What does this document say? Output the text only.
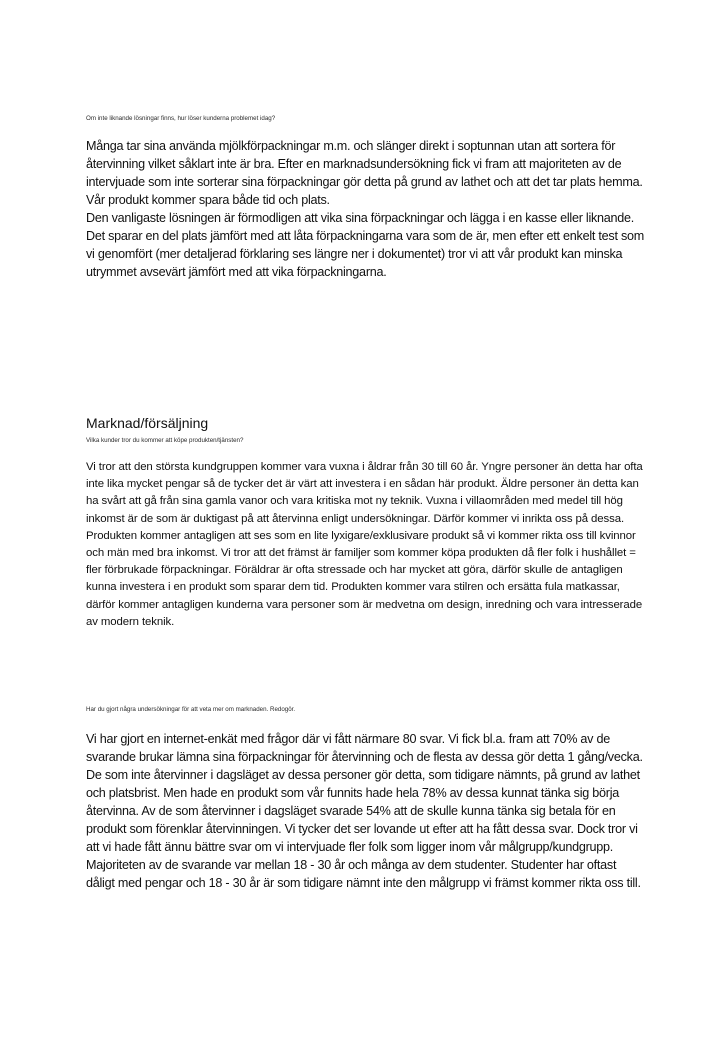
Om inte liknande lösningar finns, hur löser kunderna problemet idag?

Många tar sina använda mjölkförpackningar m.m. och slänger direkt i soptunnan utan att sortera för återvinning vilket såklart inte är bra. Efter en marknadsundersökning fick vi fram att majoriteten av de intervjuade som inte sorterar sina förpackningar gör detta på grund av lathet och att det tar plats hemma. Vår produkt kommer spara både tid och plats.

Den vanligaste lösningen är förmodligen att vika sina förpackningar och lägga i en kasse eller liknande. Det sparar en del plats jämfört med att låta förpackningarna vara som de är, men efter ett enkelt test som vi genomfört (mer detaljerad förklaring ses längre ner i dokumentet) tror vi att vår produkt kan minska utrymmet avsevärt jämfört med att vika förpackningarna.

Marknad/försäljning
Vilka kunder tror du kommer att köpe produkten/tjänsten?

Vi tror att den största kundgruppen kommer vara vuxna i åldrar från 30 till 60 år. Yngre personer än detta har ofta inte lika mycket pengar så de tycker det är värt att investera i en sådan här produkt. Äldre personer än detta kan ha svårt att gå från sina gamla vanor och vara kritiska mot ny teknik. Vuxna i villaområden med medel till hög inkomst är de som är duktigast på att återvinna enligt undersökningar. Därför kommer vi inrikta oss på dessa. Produkten kommer antagligen att ses som en lite lyxigare/exklusivare produkt så vi kommer rikta oss till kvinnor och män med bra inkomst. Vi tror att det främst är familjer som kommer köpa produkten då fler folk i hushållet = fler förbrukade förpackningar. Föräldrar är ofta stressade och har mycket att göra, därför skulle de antagligen kunna investera i en produkt som sparar dem tid. Produkten kommer vara stilren och ersätta fula matkassar, därför kommer antagligen kunderna vara personer som är medvetna om design, inredning och vara intresserade av modern teknik.

Har du gjort några undersökningar för att veta mer om marknaden. Redogör.

Vi har gjort en internet-enkät med frågor där vi fått närmare 80 svar. Vi fick bl.a. fram att 70% av de svarande brukar lämna sina förpackningar för återvinning och de flesta av dessa gör detta 1 gång/vecka. De som inte återvinner i dagsläget av dessa personer gör detta, som tidigare nämnts, på grund av lathet och platsbrist. Men hade en produkt som vår funnits hade hela 78% av dessa kunnat tänka sig börja återvinna. Av de som återvinner i dagsläget svarade 54% att de skulle kunna tänka sig betala för en produkt som förenklar återvinningen. Vi tycker det ser lovande ut efter att ha fått dessa svar. Dock tror vi att vi hade fått ännu bättre svar om vi intervjuade fler folk som ligger inom vår målgrupp/kundgrupp. Majoriteten av de svarande var mellan 18 - 30 år och många av dem studenter. Studenter har oftast dåligt med pengar och 18 - 30 år är som tidigare nämnt inte den målgrupp vi främst kommer rikta oss till.
